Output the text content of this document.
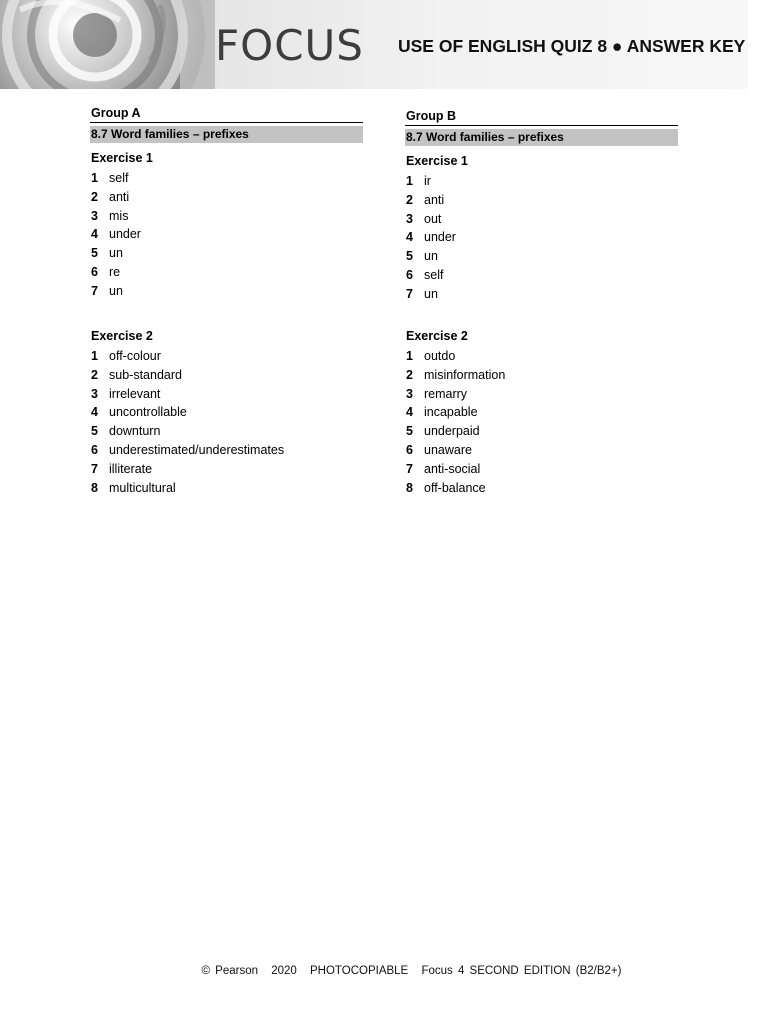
FOCUS USE OF ENGLISH QUIZ 8 ● ANSWER KEY
Group A
8.7 Word families – prefixes
Exercise 1
1 self
2 anti
3 mis
4 under
5 un
6 re
7 un
Exercise 2
1 off-colour
2 sub-standard
3 irrelevant
4 uncontrollable
5 downturn
6 underestimated/underestimates
7 illiterate
8 multicultural
Group B
8.7 Word families – prefixes
Exercise 1
1 ir
2 anti
3 out
4 under
5 un
6 self
7 un
Exercise 2
1 outdo
2 misinformation
3 remarry
4 incapable
5 underpaid
6 unaware
7 anti-social
8 off-balance
© Pearson 2020 PHOTOCOPIABLE Focus 4 SECOND EDITION (B2/B2+)
